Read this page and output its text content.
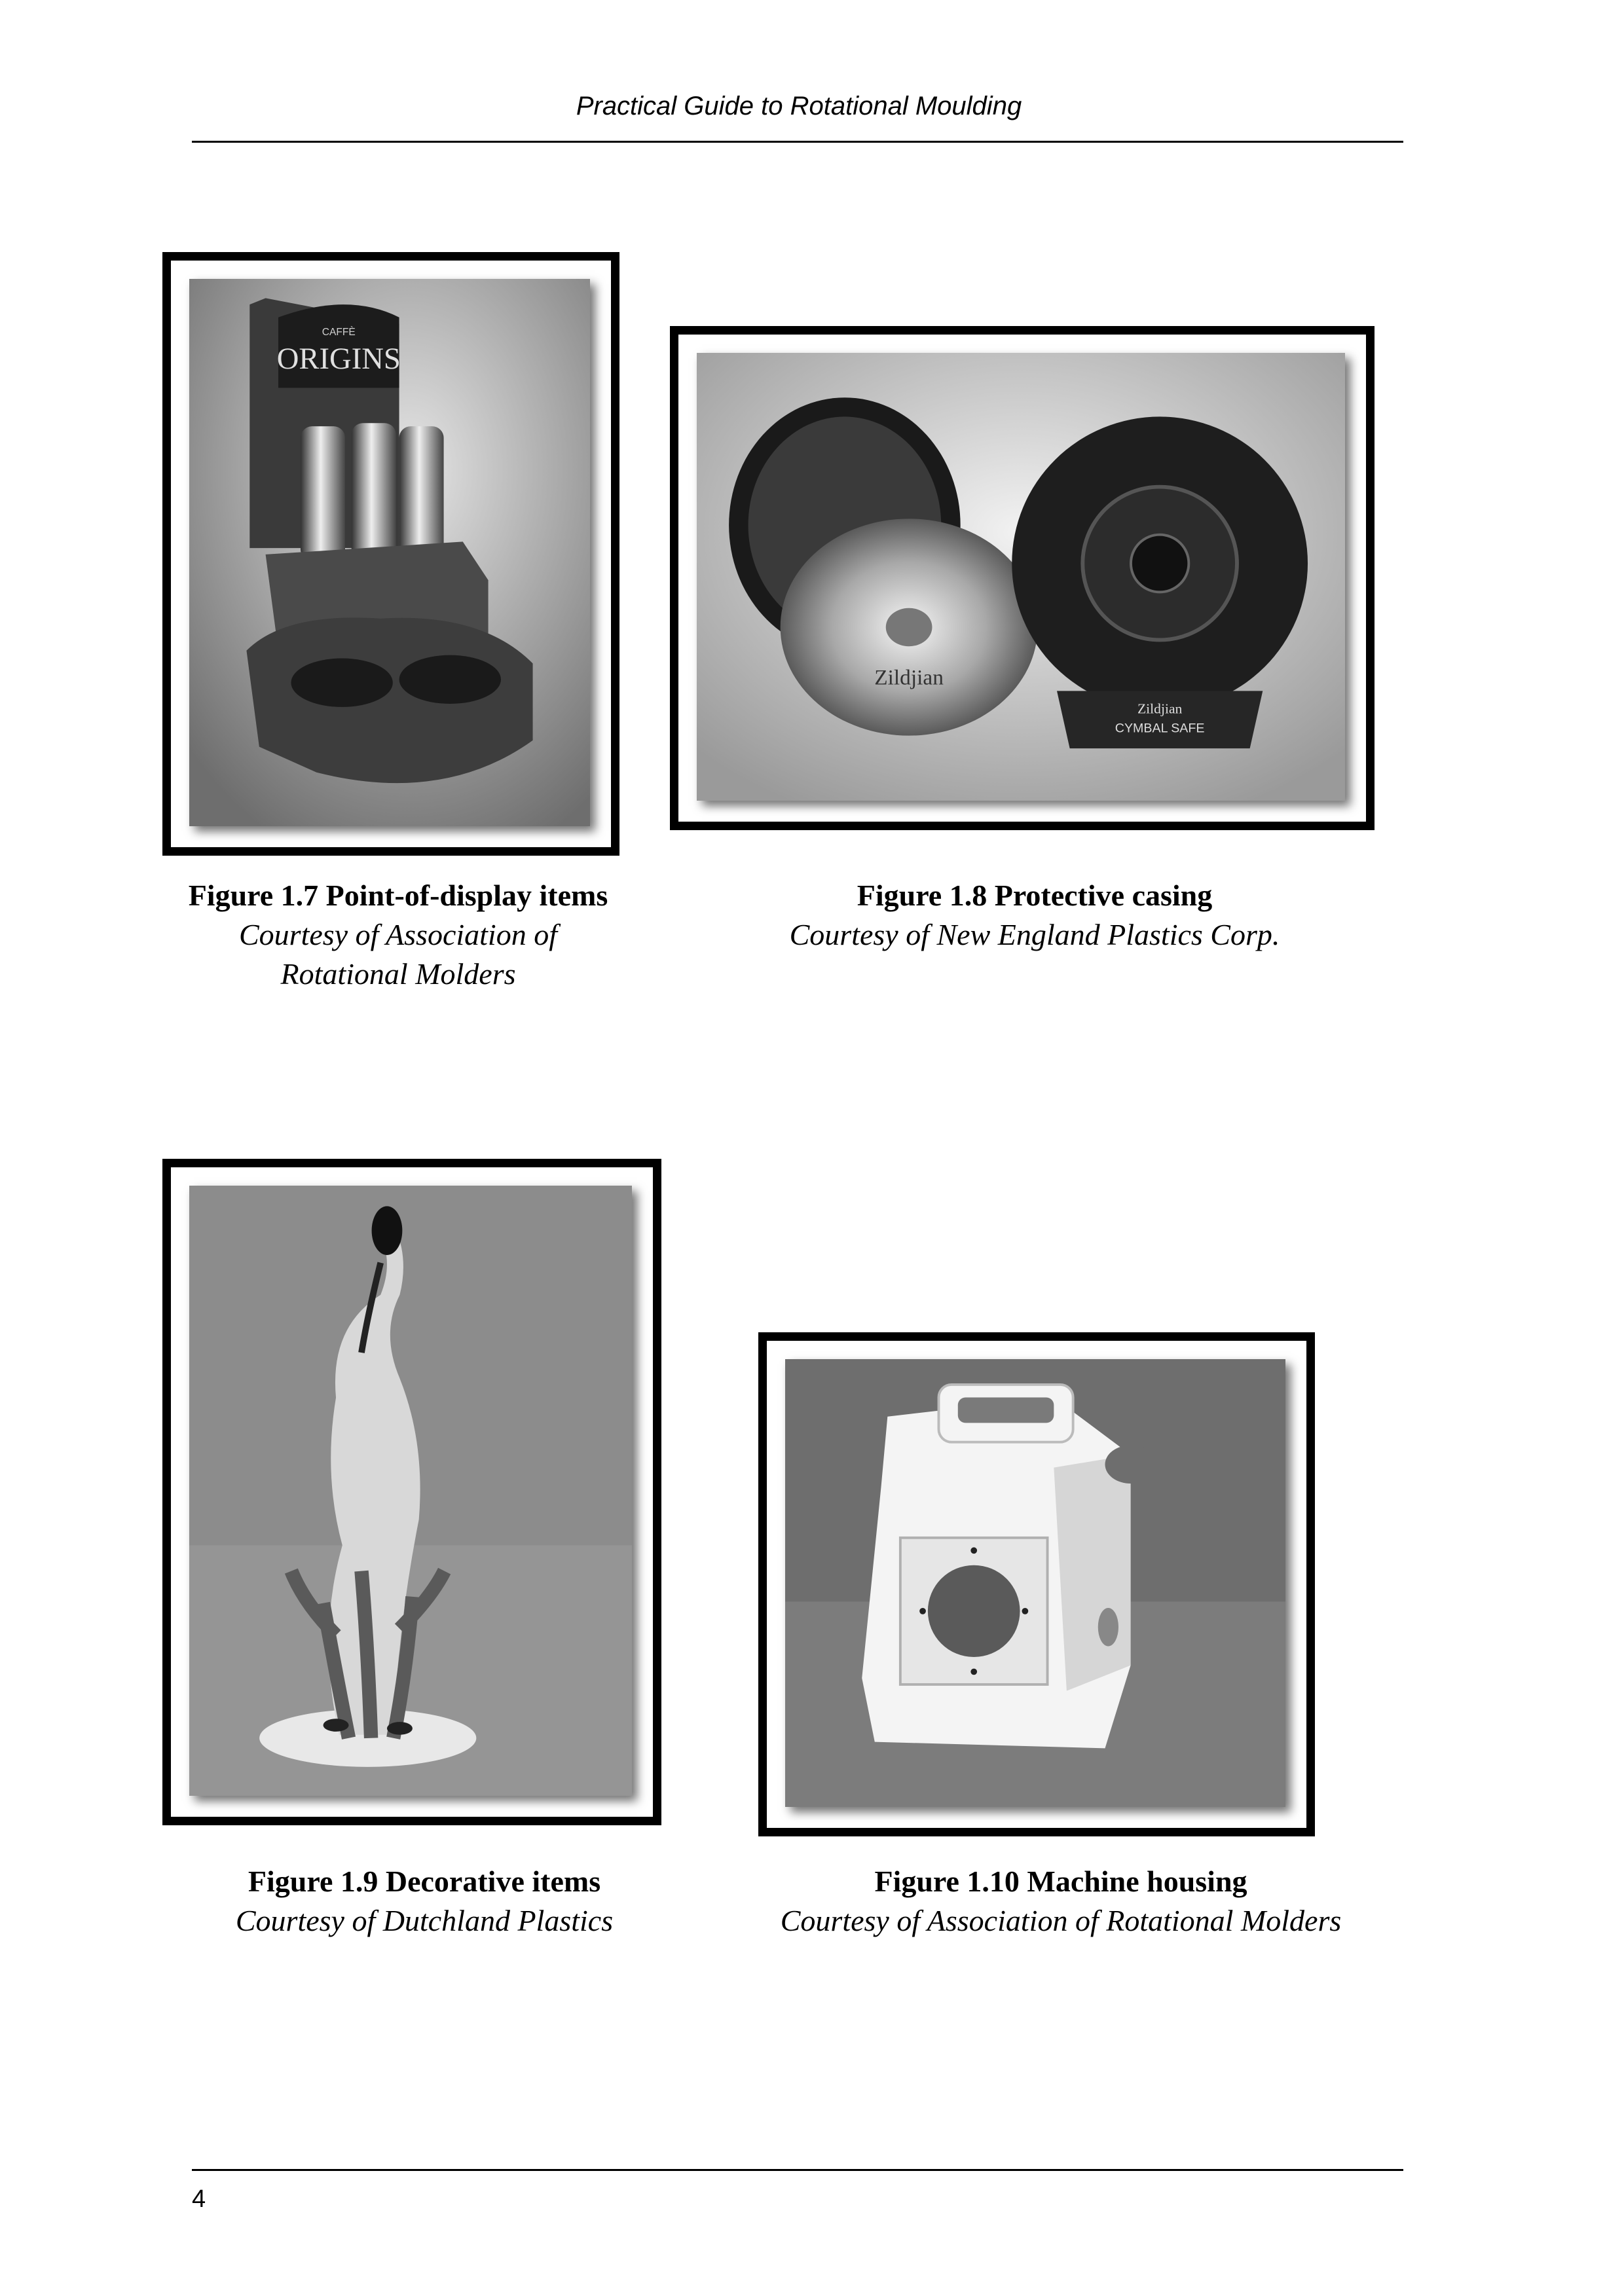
Practical Guide to Rotational Moulding
ORIGINS
CAFFÈ
Zildjian
Zildjian
CYMBAL SAFE
Figure 1.7 Point-of-display items
Courtesy of Association of
Rotational Molders
Figure 1.8 Protective casing
Courtesy of New England Plastics Corp.
Figure 1.9 Decorative items
Courtesy of Dutchland Plastics
Figure 1.10 Machine housing
Courtesy of Association of Rotational Molders
4
